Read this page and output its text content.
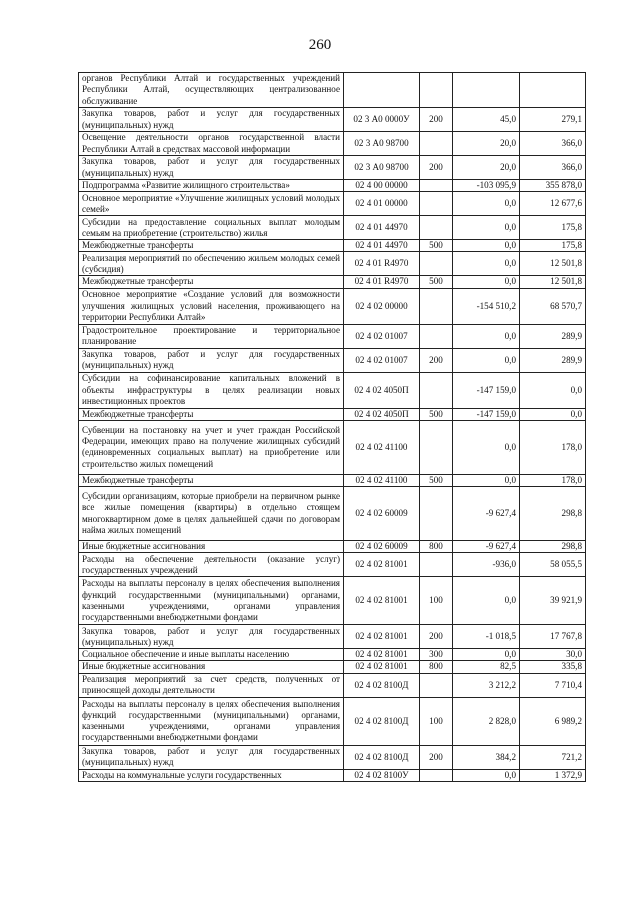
260
органов Республики Алтай и государственных учреждений Республики Алтай, осуществляющих централизованное обслуживание				
Закупка товаров, работ и услуг для государственных (муниципальных) нужд	02 3 А0 0000У	200	45,0	279,1
Освещение деятельности органов государственной власти Республики Алтай в средствах массовой информации	02 3 А0 98700		20,0	366,0
Закупка товаров, работ и услуг для государственных (муниципальных) нужд	02 3 А0 98700	200	20,0	366,0
Подпрограмма «Развитие жилищного строительства»	02 4 00 00000		-103 095,9	355 878,0
Основное мероприятие «Улучшение жилищных условий молодых семей»	02 4 01 00000		0,0	12 677,6
Субсидии на предоставление социальных выплат молодым семьям на приобретение (строительство) жилья	02 4 01 44970		0,0	175,8
Межбюджетные трансферты	02 4 01 44970	500	0,0	175,8
Реализация мероприятий по обеспечению жильем молодых семей (субсидия)	02 4 01 R4970		0,0	12 501,8
Межбюджетные трансферты	02 4 01 R4970	500	0,0	12 501,8
Основное мероприятие «Создание условий для возможности улучшения жилищных условий населения, проживающего на территории Республики Алтай»	02 4 02 00000		-154 510,2	68 570,7
Градостроительное проектирование и территориальное планирование	02 4 02 01007		0,0	289,9
Закупка товаров, работ и услуг для государственных (муниципальных) нужд	02 4 02 01007	200	0,0	289,9
Субсидии на софинансирование капитальных вложений в объекты инфраструктуры в целях реализации новых инвестиционных проектов	02 4 02 4050П		-147 159,0	0,0
Межбюджетные трансферты	02 4 02 4050П	500	-147 159,0	0,0
Субвенции на постановку на учет и учет граждан Российской Федерации, имеющих право на получение жилищных субсидий (единовременных социальных выплат) на приобретение или строительство жилых помещений	02 4 02 41100		0,0	178,0
Межбюджетные трансферты	02 4 02 41100	500	0,0	178,0
Субсидии организациям, которые приобрели на первичном рынке все жилые помещения (квартиры) в отдельно стоящем многоквартирном доме в целях дальнейшей сдачи по договорам найма жилых помещений	02 4 02 60009		-9 627,4	298,8
Иные бюджетные ассигнования	02 4 02 60009	800	-9 627,4	298,8
Расходы на обеспечение деятельности (оказание услуг) государственных учреждений	02 4 02 81001		-936,0	58 055,5
Расходы на выплаты персоналу в целях обеспечения выполнения функций государственными (муниципальными) органами, казенными учреждениями, органами управления государственными внебюджетными фондами	02 4 02 81001	100	0,0	39 921,9
Закупка товаров, работ и услуг для государственных (муниципальных) нужд	02 4 02 81001	200	-1 018,5	17 767,8
Социальное обеспечение и иные выплаты населению	02 4 02 81001	300	0,0	30,0
Иные бюджетные ассигнования	02 4 02 81001	800	82,5	335,8
Реализация мероприятий за счет средств, полученных от приносящей доходы деятельности	02 4 02 8100Д		3 212,2	7 710,4
Расходы на выплаты персоналу в целях обеспечения выполнения функций государственными (муниципальными) органами, казенными учреждениями, органами управления государственными внебюджетными фондами	02 4 02 8100Д	100	2 828,0	6 989,2
Закупка товаров, работ и услуг для государственных (муниципальных) нужд	02 4 02 8100Д	200	384,2	721,2
Расходы на коммунальные услуги государственных	02 4 02 8100У		0,0	1 372,9
